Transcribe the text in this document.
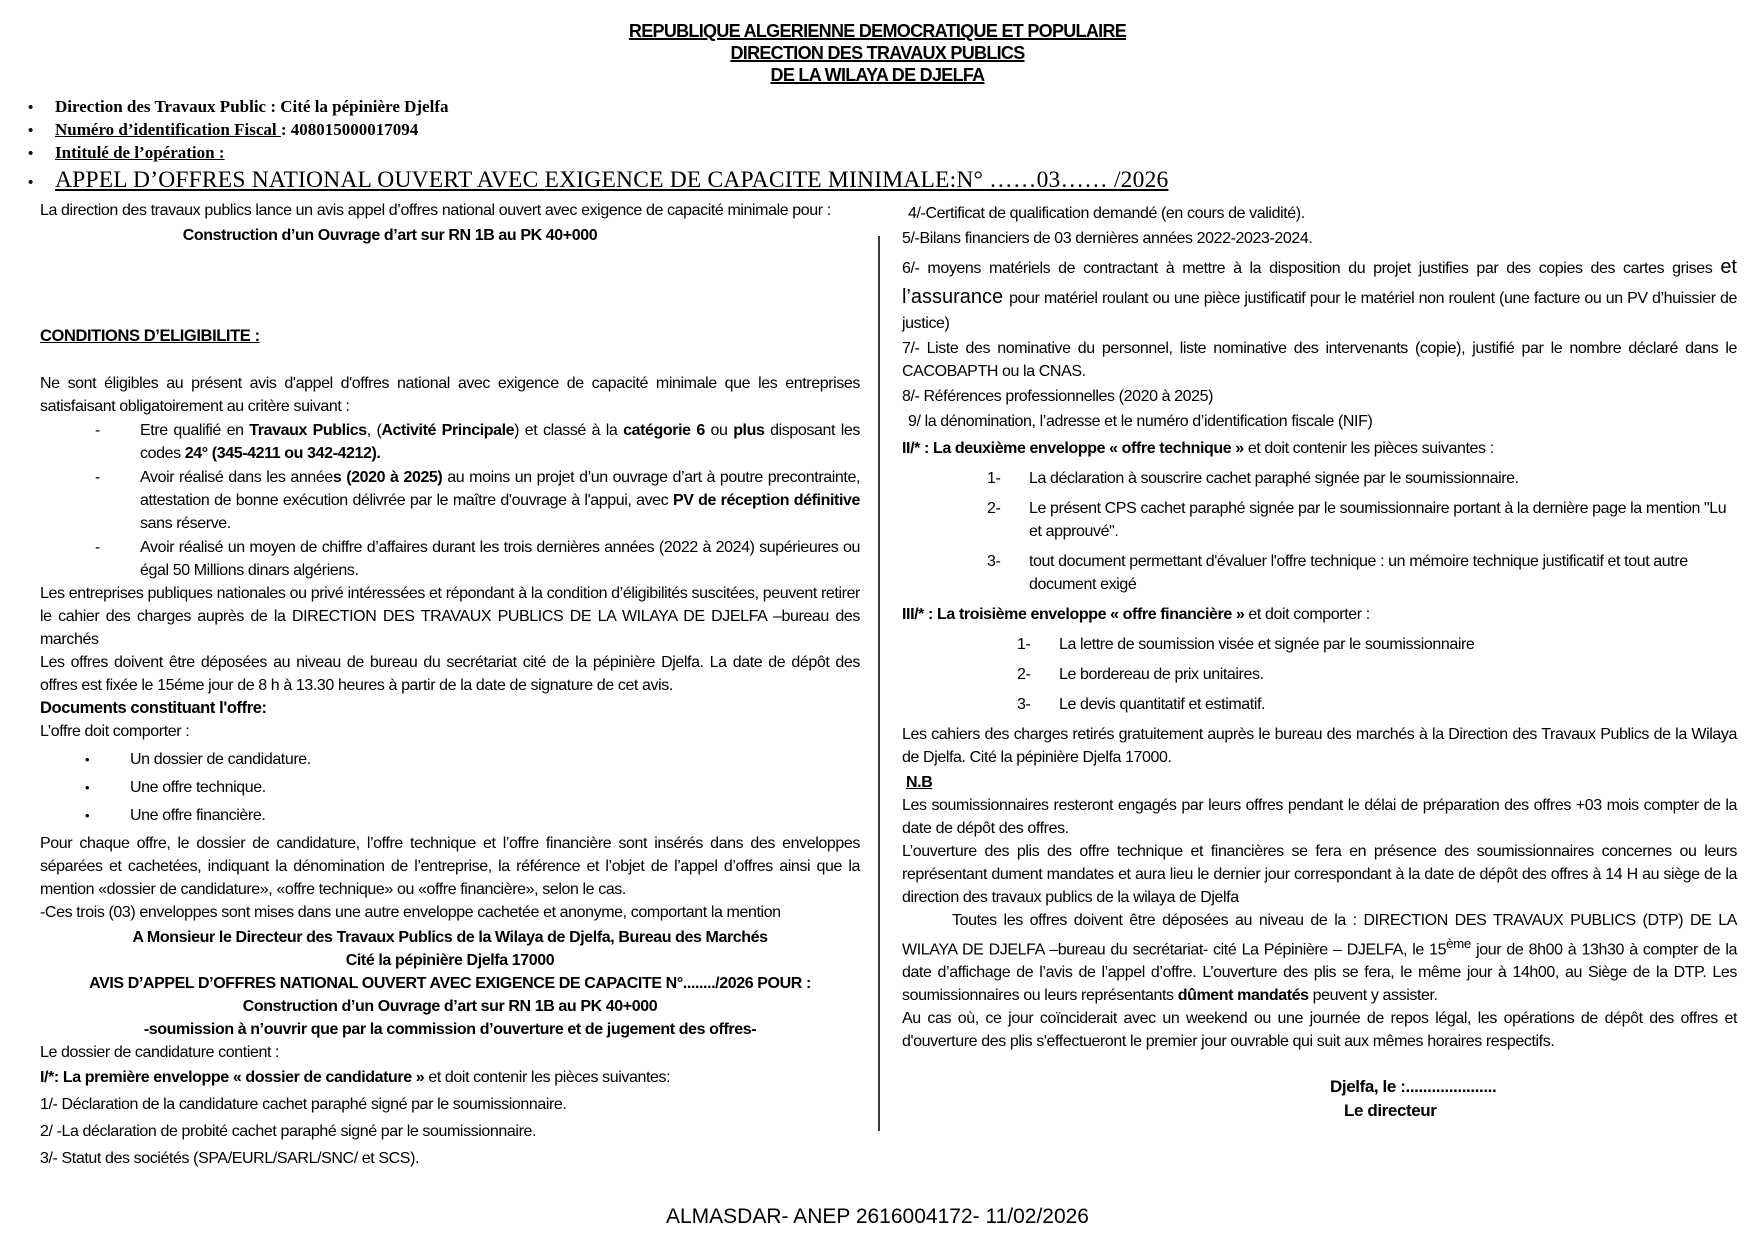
REPUBLIQUE ALGERIENNE DEMOCRATIQUE ET POPULAIRE
DIRECTION DES TRAVAUX PUBLICS
DE LA WILAYA DE DJELFA
•	Direction des Travaux Public : Cité la pépinière Djelfa
•	Numéro d’identification Fiscal : 408015000017094
•	Intitulé de l’opération :
• APPEL D’OFFRES NATIONAL OUVERT AVEC EXIGENCE DE CAPACITE MINIMALE:N° ……03…… /2026

La direction des travaux publics lance un avis appel d’offres national ouvert avec exigence de capacité minimale pour :

Construction d’un Ouvrage d’art sur RN 1B au PK 40+000

CONDITIONS D’ELIGIBILITE :

Ne sont éligibles au présent avis d'appel d'offres national avec exigence de capacité minimale que les entreprises satisfaisant obligatoirement au critère suivant :

-	Etre qualifié en Travaux Publics, (Activité Principale) et classé à la catégorie 6 ou plus disposant les codes 24° (345-4211 ou 342-4212).

-	Avoir réalisé dans les années (2020 à 2025) au moins un projet d’un ouvrage d’art à poutre precontrainte, attestation de bonne exécution délivrée par le maître d'ouvrage à l'appui, avec PV de réception définitive sans réserve.

-	Avoir réalisé un moyen de chiffre d’affaires durant les trois dernières années (2022 à 2024) supérieures ou égal 50 Millions dinars algériens.

Les entreprises publiques nationales ou privé intéressées et répondant à la condition d’éligibilités suscitées, peuvent retirer le cahier des charges auprès de la DIRECTION DES TRAVAUX PUBLICS DE LA WILAYA DE DJELFA –bureau des marchés

Les offres doivent être déposées au niveau de bureau du secrétariat cité de la pépinière Djelfa. La date de dépôt des offres est fixée le 15éme jour de 8 h à 13.30 heures à partir de la date de signature de cet avis.

Documents constituant l'offre:

L’offre doit comporter :

•	Un dossier de candidature.
•	Une offre technique.
•	Une offre financière.

Pour chaque offre, le dossier de candidature, l’offre technique et l’offre financière sont insérés dans des enveloppes séparées et cachetées, indiquant la dénomination de l’entreprise, la référence et l’objet de l’appel d’offres ainsi que la mention «dossier de candidature», «offre technique» ou «offre financière», selon le cas.

-Ces trois (03) enveloppes sont mises dans une autre enveloppe cachetée et anonyme, comportant la mention

A Monsieur le Directeur des Travaux Publics de la Wilaya de Djelfa, Bureau des Marchés

Cité la pépinière Djelfa 17000

AVIS D’APPEL D’OFFRES NATIONAL OUVERT AVEC EXIGENCE DE CAPACITE N°......../2026 POUR :

Construction d’un Ouvrage d’art sur RN 1B au PK 40+000

-soumission à n’ouvrir que par la commission d’ouverture et de jugement des offres-

Le dossier de candidature contient :

I/*: La première enveloppe « dossier de candidature » et doit contenir les pièces suivantes:

1/- Déclaration de la candidature cachet paraphé signé par le soumissionnaire.

2/ -La déclaration de probité cachet paraphé signé par le soumissionnaire.

3/- Statut des sociétés (SPA/EURL/SARL/SNC/ et SCS).

4/-Certificat de qualification demandé (en cours de validité).

5/-Bilans financiers de 03 dernières années 2022-2023-2024.

6/- moyens matériels de contractant à mettre à la disposition du projet justifies par des copies des cartes grises et l’assurance pour matériel roulant ou une pièce justificatif pour le matériel non roulent (une facture ou un PV d’huissier de justice)

7/- Liste des nominative du personnel, liste nominative des intervenants (copie), justifié par le nombre déclaré dans le CACOBAPTH ou la CNAS.

8/- Références professionnelles (2020 à 2025)

9/ la dénomination, l’adresse et le numéro d’identification fiscale (NIF)

II/* : La deuxième enveloppe « offre technique » et doit contenir les pièces suivantes :

1-	La déclaration à souscrire cachet paraphé signée par le soumissionnaire.
2-	Le présent CPS cachet paraphé signée par le soumissionnaire portant à la dernière page la mention "Lu et approuvé".
3-	tout document permettant d'évaluer l'offre technique : un mémoire technique justificatif et tout autre document exigé

III/* : La troisième enveloppe « offre financière » et doit comporter :

1-	La lettre de soumission visée et signée par le soumissionnaire
2-	Le bordereau de prix unitaires.
3-	Le devis quantitatif et estimatif.

Les cahiers des charges retirés gratuitement auprès le bureau des marchés à la Direction des Travaux Publics de la Wilaya de Djelfa. Cité la pépinière Djelfa 17000.

N.B

Les soumissionnaires resteront engagés par leurs offres pendant le délai de préparation des offres +03 mois compter de la date de dépôt des offres.

L’ouverture des plis des offre technique et financières se fera en présence des soumissionnaires concernes ou leurs représentant dument mandates et aura lieu le dernier jour correspondant à la date de dépôt des offres à 14 H au siège de la direction des travaux publics de la wilaya de Djelfa

Toutes les offres doivent être déposées au niveau de la : DIRECTION DES TRAVAUX PUBLICS (DTP) DE LA WILAYA DE DJELFA –bureau du secrétariat- cité La Pépinière – DJELFA, le 15ème jour de 8h00 à 13h30 à compter de la date d’affichage de l’avis de l’appel d’offre. L’ouverture des plis se fera, le même jour à 14h00, au Siège de la DTP. Les soumissionnaires ou leurs représentants dûment mandatés peuvent y assister.

Au cas où, ce jour coïnciderait avec un weekend ou une journée de repos légal, les opérations de dépôt des offres et d'ouverture des plis s'effectueront le premier jour ouvrable qui suit aux mêmes horaires respectifs.

Djelfa, le :.....................
Le directeur
ALMASDAR- ANEP 2616004172- 11/02/2026
